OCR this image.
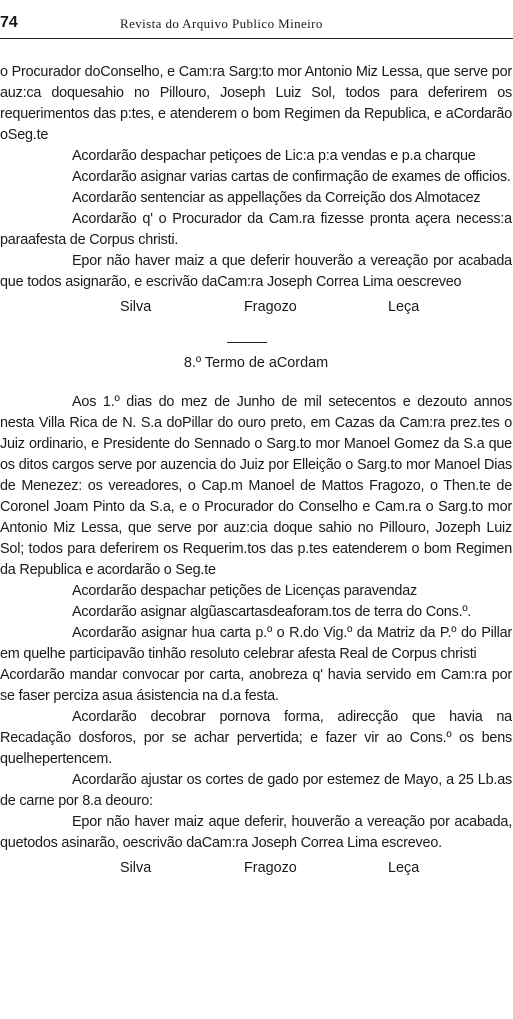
74	Revista do Arquivo Publico Mineiro

o Procurador doConselho, e Cam:ra Sarg:to mor Antonio Miz Lessa, que serve por auz:ca doquesahio no Pillouro, Joseph Luiz Sol, todos para deferirem os requerimentos das p:tes, e atenderem o bom Regimen da Republica, e aCordarão oSeg.te

Acordarão despachar petiçoes de Lic:a p:a vendas e p.a charque

Acordarão asignar varias cartas de confirmação de exames de officios.

Acordarão sentenciar as appellações da Correição dos Almotacez

Acordarão q' o Procurador da Cam.ra fizesse pronta açera necess:a paraafesta de Corpus christi.

Epor não haver maiz a que deferir houverão a vereação por acabada que todos asignarão, e escrivão daCam:ra Joseph Correa Lima oescreveo

Silva	Fragozo	Leça
8.º Termo de aCordam

Aos 1.º dias do mez de Junho de mil setecentos e dezouto annos nesta Villa Rica de N. S.a doPillar do ouro preto, em Cazas da Cam:ra prez.tes o Juiz ordinario, e Presidente do Sennado o Sarg.to mor Manoel Gomez da S.a que os ditos cargos serve por auzencia do Juiz por Elleição o Sarg.to mor Manoel Dias de Menezez: os vereadores, o Cap.m Manoel de Mattos Fragozo, o Then.te de Coronel Joam Pinto da S.a, e o Procurador do Conselho e Cam.ra o Sarg.to mor Antonio Miz Lessa, que serve por auz:cia doque sahio no Pillouro, Jozeph Luiz Sol; todos para deferirem os Requerim.tos das p.tes eatenderem o bom Regimen da Republica e acordarão o Seg.te

Acordarão despachar petições de Licenças paravendaz

Acordarão asignar algũascartasdeaforam.tos de terra do Cons.º.

Acordarão asignar hua carta p.º o R.do Vig.º da Matriz da P.º do Pillar em quelhe participavão tinhão resoluto celebrar afesta Real de Corpus christi

Acordarão mandar convocar por carta, anobreza q' havia servido em Cam:ra por se faser perciza asua ásistencia na d.a festa.

Acordarão decobrar pornova forma, adirecção que havia na Recadação dosforos, por se achar pervertida; e fazer vir ao Cons.º os bens quelhepertencem.

Acordarão ajustar os cortes de gado por estemez de Mayo, a 25 Lb.as de carne por 8.a deouro:

Epor não haver maiz aque deferir, houverão a vereação por acabada, quetodos asinarão, oescrivão daCam:ra Joseph Correa Lima escreveo.

Silva	Fragozo	Leça
